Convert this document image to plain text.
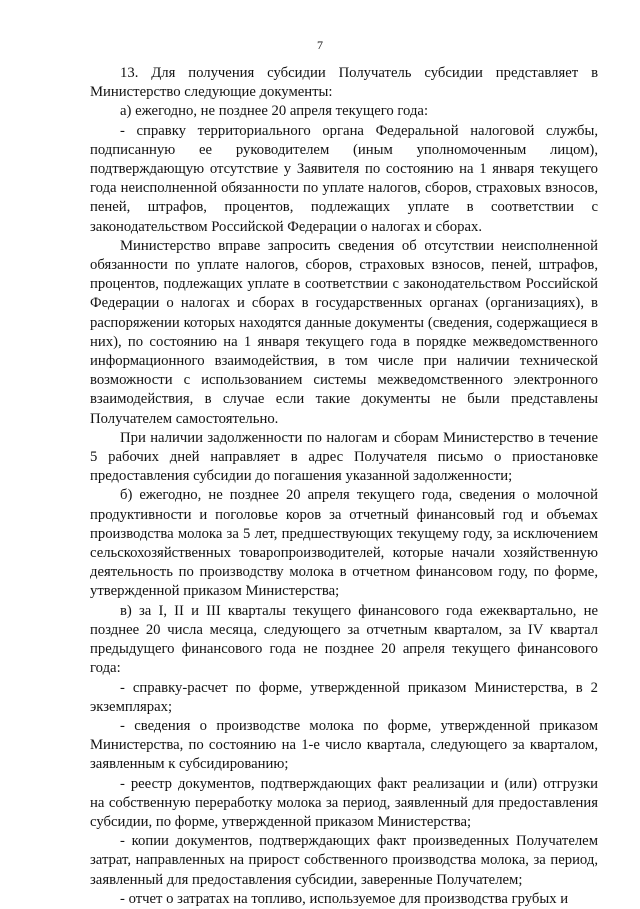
7

13. Для получения субсидии Получатель субсидии представляет в Министерство следующие документы:

а) ежегодно, не позднее 20 апреля текущего года:

- справку территориального органа Федеральной налоговой службы, подписанную ее руководителем (иным уполномоченным лицом), подтверждающую отсутствие у Заявителя по состоянию на 1 января текущего года неисполненной обязанности по уплате налогов, сборов, страховых взносов, пеней, штрафов, процентов, подлежащих уплате в соответствии с законодательством Российской Федерации о налогах и сборах.

Министерство вправе запросить сведения об отсутствии неисполненной обязанности по уплате налогов, сборов, страховых взносов, пеней, штрафов, процентов, подлежащих уплате в соответствии с законодательством Российской Федерации о налогах и сборах в государственных органах (организациях), в распоряжении которых находятся данные документы (сведения, содержащиеся в них), по состоянию на 1 января текущего года в порядке межведомственного информационного взаимодействия, в том числе при наличии технической возможности с использованием системы межведомственного электронного взаимодействия, в случае если такие документы не были представлены Получателем самостоятельно.

При наличии задолженности по налогам и сборам Министерство в течение 5 рабочих дней направляет в адрес Получателя письмо о приостановке предоставления субсидии до погашения указанной задолженности;

б) ежегодно, не позднее 20 апреля текущего года, сведения о молочной продуктивности и поголовье коров за отчетный финансовый год и объемах производства молока за 5 лет, предшествующих текущему году, за исключением сельскохозяйственных товаропроизводителей, которые начали хозяйственную деятельность по производству молока в отчетном финансовом году, по форме, утвержденной приказом Министерства;

в) за I, II и III кварталы текущего финансового года ежеквартально, не позднее 20 числа месяца, следующего за отчетным кварталом, за IV квартал предыдущего финансового года не позднее 20 апреля текущего финансового года:

- справку-расчет по форме, утвержденной приказом Министерства, в 2 экземплярах;

- сведения о производстве молока по форме, утвержденной приказом Министерства, по состоянию на 1-е число квартала, следующего за кварталом, заявленным к субсидированию;

- реестр документов, подтверждающих факт реализации и (или) отгрузки на собственную переработку молока за период, заявленный для предоставления субсидии, по форме, утвержденной приказом Министерства;

- копии документов, подтверждающих факт произведенных Получателем затрат, направленных на прирост собственного производства молока, за период, заявленный для предоставления субсидии, заверенные Получателем;

- отчет о затратах на топливо, используемое для производства грубых и
